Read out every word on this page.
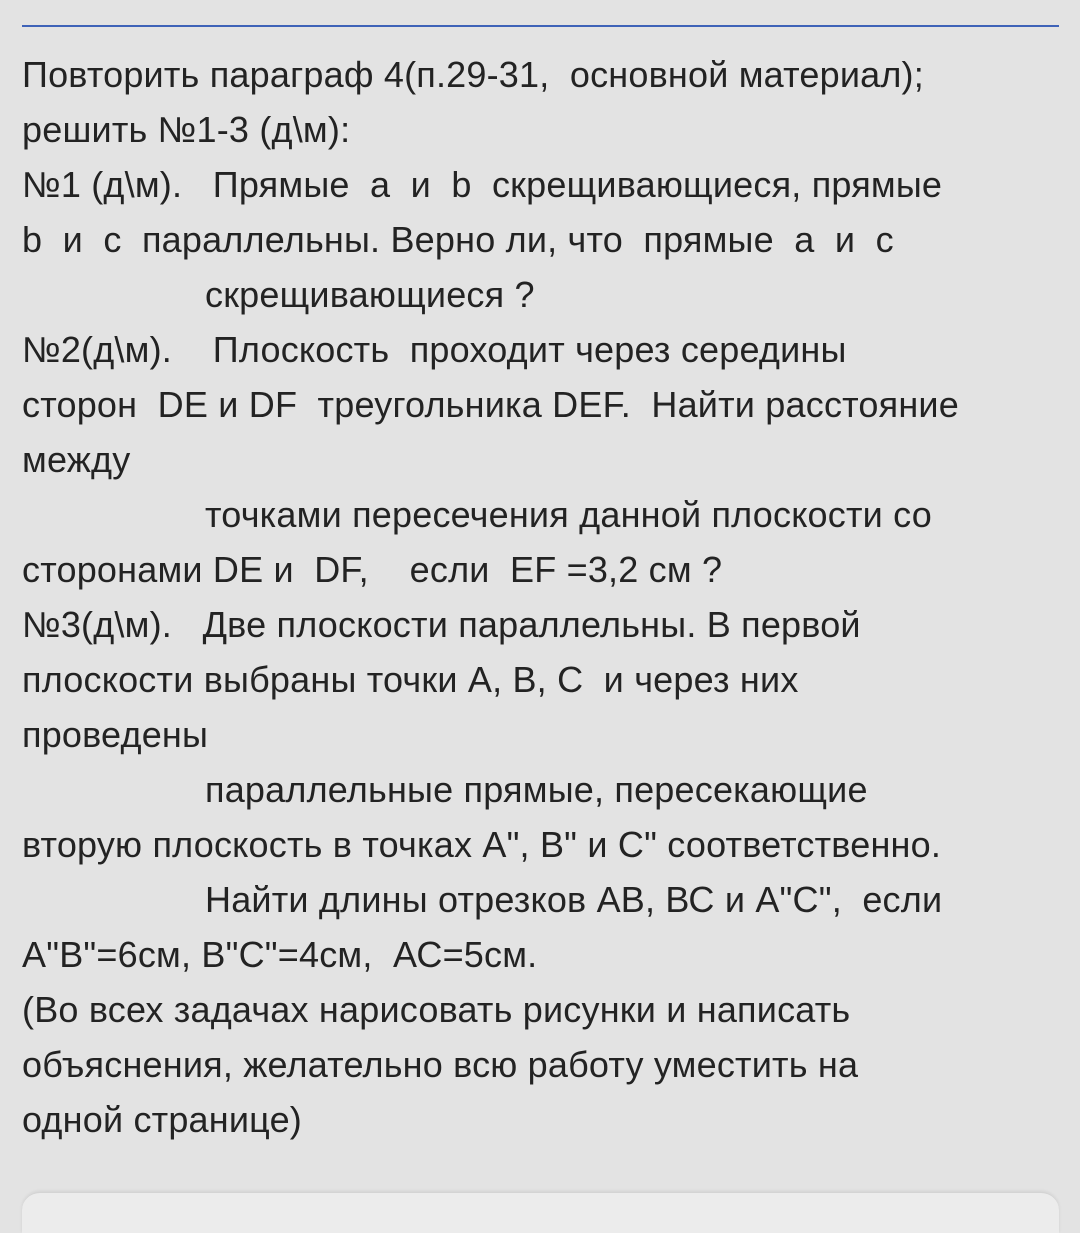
Повторить параграф 4(п.29-31,  основной материал);
решить №1-3 (д\м):
№1 (д\м).   Прямые  а  и  b  скрещивающиеся, прямые
b  и  с  параллельны. Верно ли, что  прямые  а  и  с
скрещивающиеся ?
№2(д\м).    Плоскость  проходит через середины
сторон  DE и DF  треугольника DEF.  Найти расстояние
между
точками пересечения данной плоскости со
сторонами DE и  DF,    если  EF =3,2 см ?
№3(д\м).   Две плоскости параллельны. В первой
плоскости выбраны точки А, В, С  и через них
проведены
параллельные прямые, пересекающие
вторую плоскость в точках А", В" и С" соответственно.
Найти длины отрезков АВ, ВС и А"С",  если
А"В"=6см, В"С"=4см,  АС=5см.
(Во всех задачах нарисовать рисунки и написать
объяснения, желательно всю работу уместить на
одной странице)
